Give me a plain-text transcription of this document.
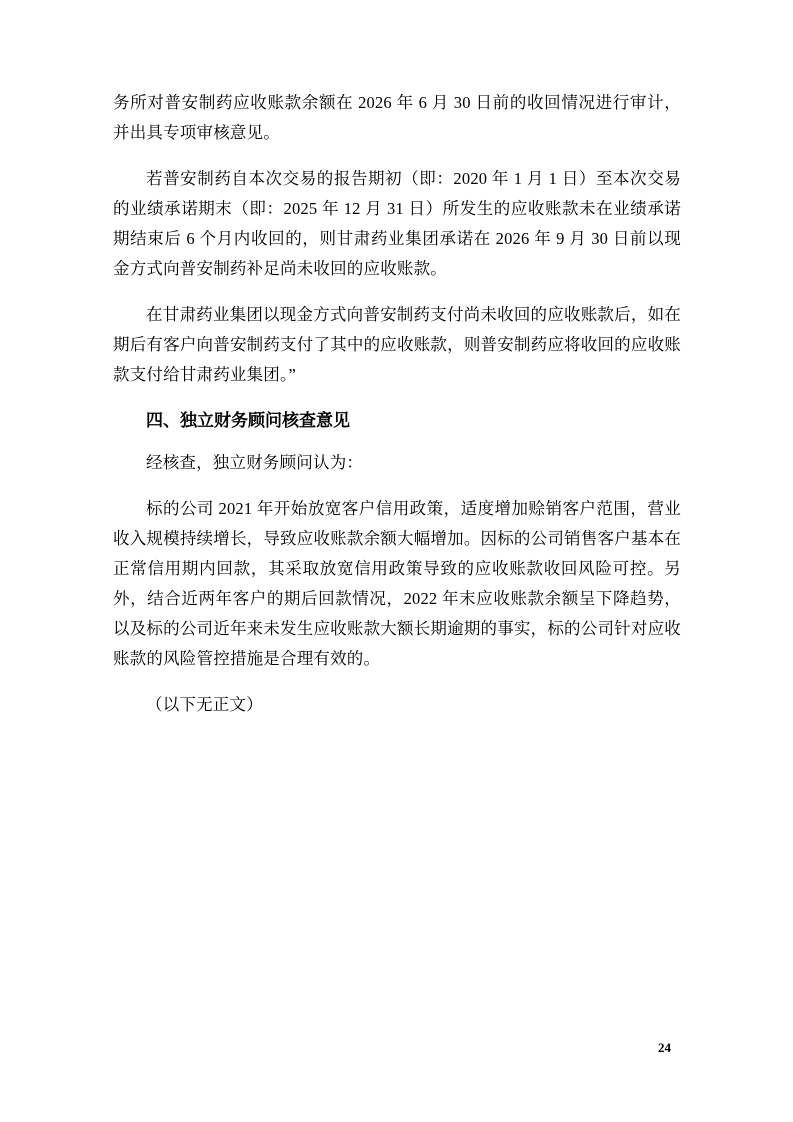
务所对普安制药应收账款余额在 2026 年 6 月 30 日前的收回情况进行审计，并出具专项审核意见。

若普安制药自本次交易的报告期初（即：2020 年 1 月 1 日）至本次交易的业绩承诺期末（即：2025 年 12 月 31 日）所发生的应收账款未在业绩承诺期结束后 6 个月内收回的，则甘肃药业集团承诺在 2026 年 9 月 30 日前以现金方式向普安制药补足尚未收回的应收账款。

在甘肃药业集团以现金方式向普安制药支付尚未收回的应收账款后，如在期后有客户向普安制药支付了其中的应收账款，则普安制药应将收回的应收账款支付给甘肃药业集团。”

四、独立财务顾问核查意见

经核查，独立财务顾问认为：

标的公司 2021 年开始放宽客户信用政策，适度增加赊销客户范围，营业收入规模持续增长，导致应收账款余额大幅增加。因标的公司销售客户基本在正常信用期内回款，其采取放宽信用政策导致的应收账款收回风险可控。另外，结合近两年客户的期后回款情况，2022 年末应收账款余额呈下降趋势，以及标的公司近年来未发生应收账款大额长期逾期的事实，标的公司针对应收账款的风险管控措施是合理有效的。

（以下无正文）

24
